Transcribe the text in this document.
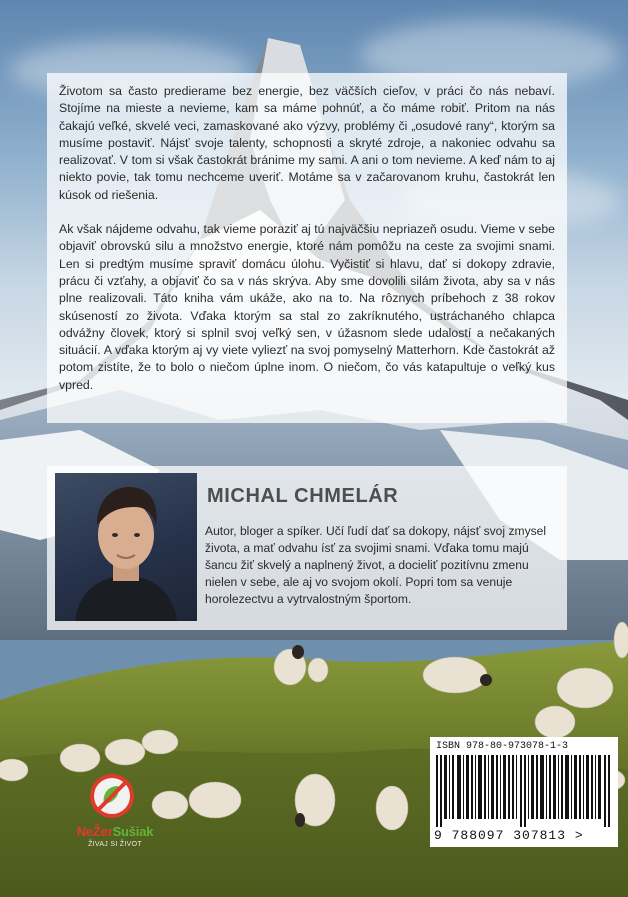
Životom sa často predierame bez energie, bez väčších cieľov, v práci čo nás nebaví. Stojíme na mieste a nevieme, kam sa máme pohnúť, a čo máme robiť. Pritom na nás čakajú veľké, skvelé veci, zamaskované ako výzvy, problémy či „osudové rany“, ktorým sa musíme postaviť. Nájsť svoje talenty, schopnosti a skryté zdroje, a nakoniec odvahu sa realizovať. V tom si však častokrát bránime my sami. A ani o tom nevieme. A keď nám to aj niekto povie, tak tomu nechceme uveriť. Motáme sa v začarovanom kruhu, častokrát len kúsok od riešenia.

Ak však nájdeme odvahu, tak vieme poraziť aj tú najväčšiu nepriazeň osudu. Vieme v sebe objaviť obrovskú silu a množstvo energie, ktoré nám pomôžu na ceste za svojimi snami. Len si predtým musíme spraviť domácu úlohu. Vyčistiť si hlavu, dať si dokopy zdravie, prácu či vzťahy, a objaviť čo sa v nás skrýva. Aby sme dovolili silám života, aby sa v nás plne realizovali. Táto kniha vám ukáže, ako na to. Na rôznych príbehoch z 38 rokov skúseností zo života. Vďaka ktorým sa stal zo zakríknutého, ustráchaného chlapca odvážny človek, ktorý si splnil svoj veľký sen, v úžasnom slede udalostí a nečakaných situácií. A vďaka ktorým aj vy viete vyliezť na svoj pomyselný Matterhorn. Kde častokrát až potom zistíte, že to bolo o niečom úplne inom. O niečom, čo vás katapultuje o veľký kus vpred.

MICHAL CHMELÁR

Autor, bloger a spíker. Učí ľudí dať sa dokopy, nájsť svoj zmysel života, a mať odvahu ísť za svojimi snami. Vďaka tomu majú šancu žiť skvelý a naplnený život, a docieliť pozitívnu zmenu nielen v sebe, ale aj vo svojom okolí. Popri tom sa venuje horolezectvu a vytrvalostným športom.

NeŽerSušiak
ŽIVAJ SI ŽIVOT
ISBN 978-80-973078-1-3
9 788097 307813 >
